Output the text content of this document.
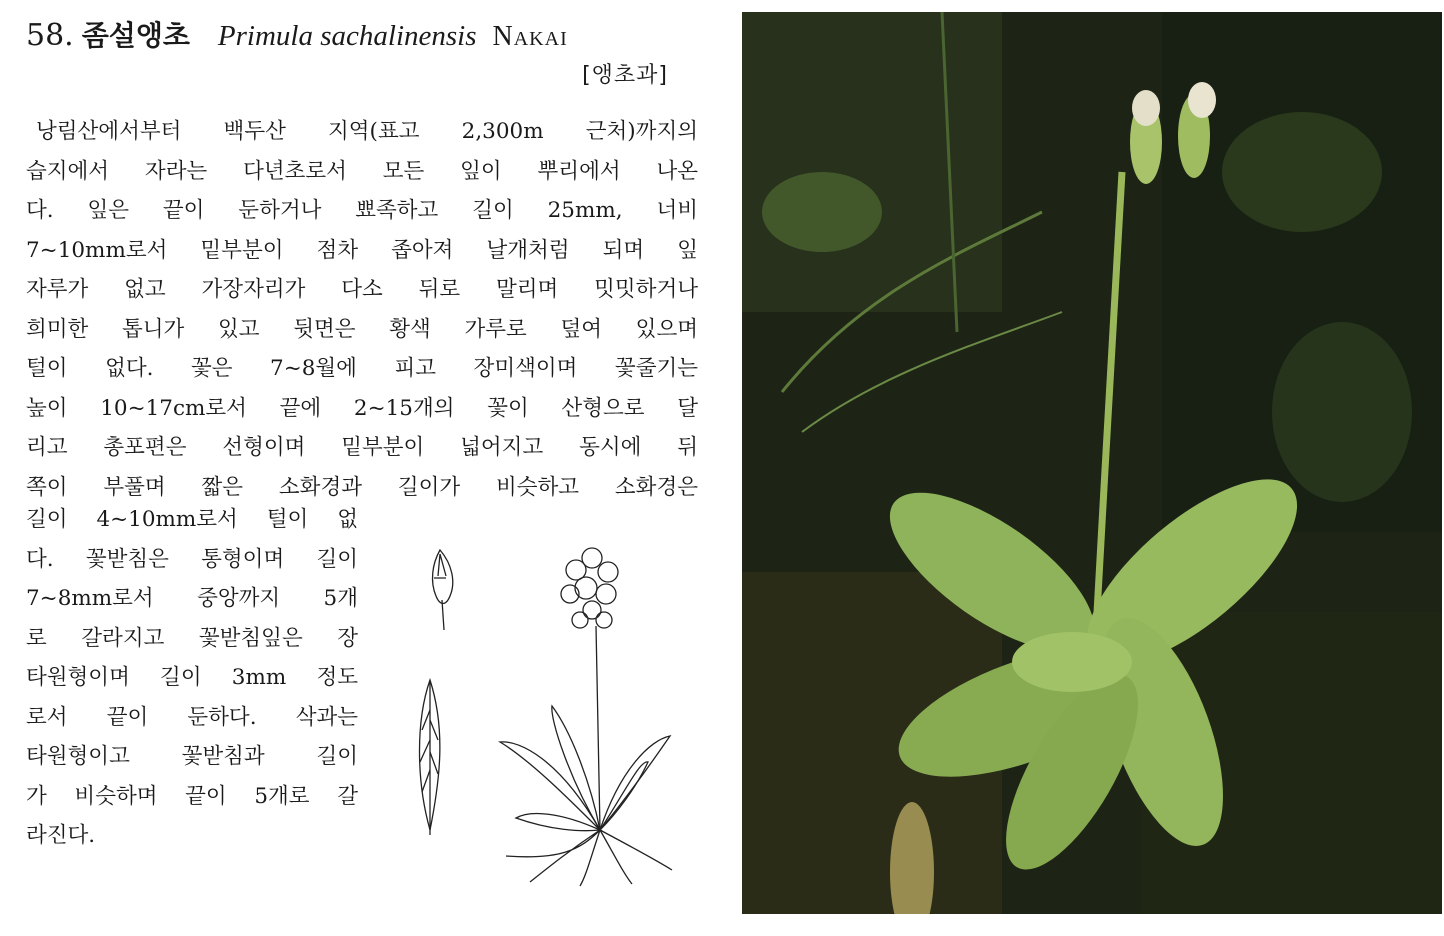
58. 좀설앵초 Primula sachalinensis Nakai
[앵초과]
낭림산에서부터 백두산 지역(표고 2,300m 근처)까지의
습지에서 자라는 다년초로서 모든 잎이 뿌리에서 나온
다. 잎은 끝이 둔하거나 뾰족하고 길이 25mm, 너비
7~10mm로서 밑부분이 점차 좁아져 날개처럼 되며 잎
자루가 없고 가장자리가 다소 뒤로 말리며 밋밋하거나
희미한 톱니가 있고 뒷면은 황색 가루로 덮여 있으며
털이 없다. 꽃은 7~8월에 피고 장미색이며 꽃줄기는
높이 10~17cm로서 끝에 2~15개의 꽃이 산형으로 달
리고 총포편은 선형이며 밑부분이 넓어지고 동시에 뒤
쪽이 부풀며 짧은 소화경과 길이가 비슷하고 소화경은
길이 4~10mm로서 털이 없
다. 꽃받침은 통형이며 길이
7~8mm로서 중앙까지 5개
로 갈라지고 꽃받침잎은 장
타원형이며 길이 3mm 정도
로서 끝이 둔하다. 삭과는
타원형이고 꽃받침과 길이
가 비슷하며 끝이 5개로 갈
라진다.
